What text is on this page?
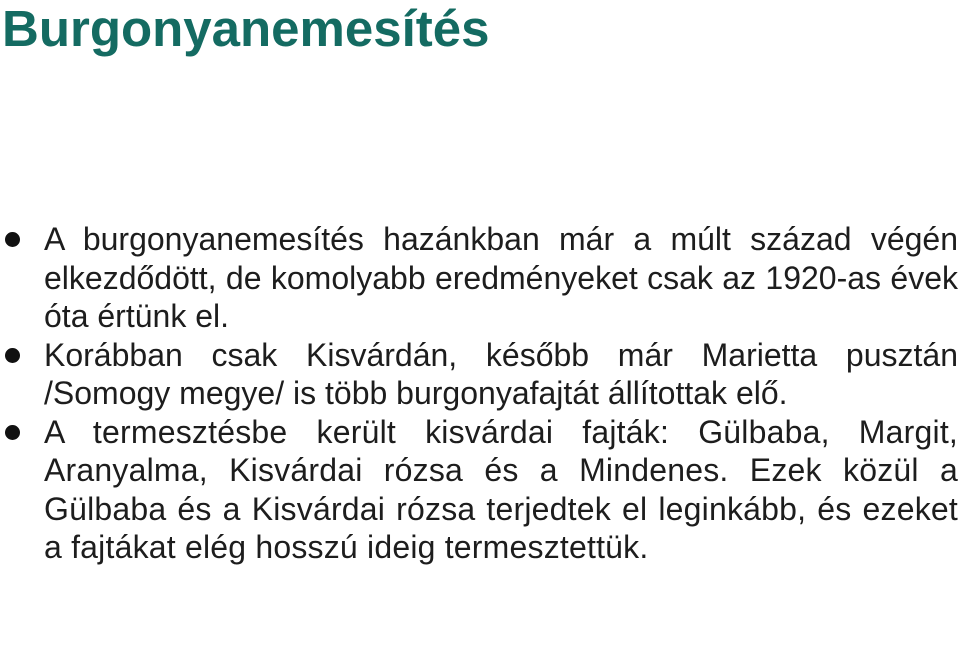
Burgonyanemesítés
A burgonyanemesítés hazánkban már a múlt század végén elkezdődött, de komolyabb eredményeket csak az 1920-as évek óta értünk el.
Korábban csak Kisvárdán, később már Marietta pusztán /Somogy megye/ is több burgonyafajtát állítottak elő.
A termesztésbe került kisvárdai fajták: Gülbaba, Margit, Aranyalma, Kisvárdai rózsa és a Mindenes. Ezek közül a Gülbaba és a Kisvárdai rózsa terjedtek el leginkább, és ezeket a fajtákat elég hosszú ideig termesztettük.
